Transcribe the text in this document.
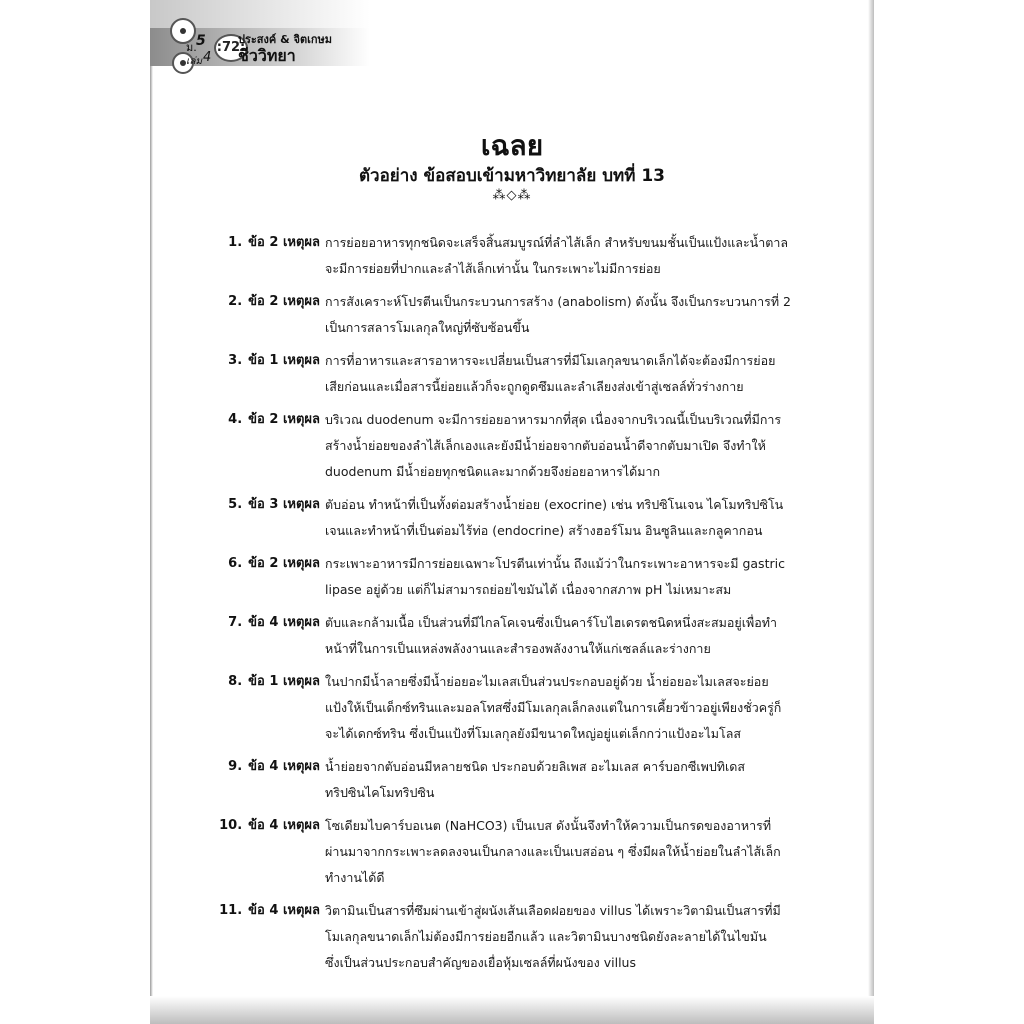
ม. 5
เล่ม 4
:72:
ประสงค์ & จิตเกษม
ชีววิทยา
เฉลย
ตัวอย่าง ข้อสอบเข้ามหาวิทยาลัย บทที่ 13
⁂◇⁂
1. ข้อ 2 เหตุผล การย่อยอาหารทุกชนิดจะเสร็จสิ้นสมบูรณ์ที่ลำไส้เล็ก สำหรับขนมชั้นเป็นแป้งและน้ำตาล
จะมีการย่อยที่ปากและลำไส้เล็กเท่านั้น ในกระเพาะไม่มีการย่อย
2. ข้อ 2 เหตุผล การสังเคราะห์โปรตีนเป็นกระบวนการสร้าง (anabolism) ดังนั้น จึงเป็นกระบวนการที่ 2
เป็นการสลารโมเลกุลใหญ่ที่ซับซ้อนขึ้น
3. ข้อ 1 เหตุผล การที่อาหารและสารอาหารจะเปลี่ยนเป็นสารที่มีโมเลกุลขนาดเล็กได้จะต้องมีการย่อย
เสียก่อนและเมื่อสารนี้ย่อยแล้วก็จะถูกดูดซึมและลำเลียงส่งเข้าสู่เซลล์ทั่วร่างกาย
4. ข้อ 2 เหตุผล บริเวณ duodenum จะมีการย่อยอาหารมากที่สุด เนื่องจากบริเวณนี้เป็นบริเวณที่มีการ
สร้างน้ำย่อยของลำไส้เล็กเองและยังมีน้ำย่อยจากตับอ่อนน้ำดีจากตับมาเปิด จึงทำให้
duodenum มีน้ำย่อยทุกชนิดและมากด้วยจึงย่อยอาหารได้มาก
5. ข้อ 3 เหตุผล ตับอ่อน ทำหน้าที่เป็นทั้งต่อมสร้างน้ำย่อย (exocrine) เช่น ทริปซิโนเจน ไคโมทริปซิโน
เจนและทำหน้าที่เป็นต่อมไร้ท่อ (endocrine) สร้างฮอร์โมน อินซูลินและกลูคากอน
6. ข้อ 2 เหตุผล กระเพาะอาหารมีการย่อยเฉพาะโปรตีนเท่านั้น ถึงแม้ว่าในกระเพาะอาหารจะมี gastric
lipase อยู่ด้วย แต่ก็ไม่สามารถย่อยไขมันได้ เนื่องจากสภาพ pH ไม่เหมาะสม
7. ข้อ 4 เหตุผล ตับและกล้ามเนื้อ เป็นส่วนที่มีไกลโคเจนซึ่งเป็นคาร์โบไฮเดรตชนิดหนึ่งสะสมอยู่เพื่อทำ
หน้าที่ในการเป็นแหล่งพลังงานและสำรองพลังงานให้แก่เซลล์และร่างกาย
8. ข้อ 1 เหตุผล ในปากมีน้ำลายซึ่งมีน้ำย่อยอะไมเลสเป็นส่วนประกอบอยู่ด้วย น้ำย่อยอะไมเลสจะย่อย
แป้งให้เป็นเด็กซ์ทรินและมอลโทสซึ่งมีโมเลกุลเล็กลงแต่ในการเคี้ยวข้าวอยู่เพียงชั่วครู่ก็
จะได้เดกซ์ทริน ซึ่งเป็นแป้งที่โมเลกุลยังมีขนาดใหญ่อยู่แต่เล็กกว่าแป้งอะไมโลส
9. ข้อ 4 เหตุผล น้ำย่อยจากตับอ่อนมีหลายชนิด ประกอบด้วยลิเพส อะไมเลส คาร์บอกซีเพปทิเดส
ทริปซินไคโมทริปซิน
10. ข้อ 4 เหตุผล โซเดียมไบคาร์บอเนต (NaHCO3) เป็นเบส ดังนั้นจึงทำให้ความเป็นกรดของอาหารที่
ผ่านมาจากกระเพาะลดลงจนเป็นกลางและเป็นเบสอ่อน ๆ ซึ่งมีผลให้น้ำย่อยในลำไส้เล็ก
ทำงานได้ดี
11. ข้อ 4 เหตุผล วิตามินเป็นสารที่ซึมผ่านเข้าสู่ผนังเส้นเลือดฝอยของ villus ได้เพราะวิตามินเป็นสารที่มี
โมเลกุลขนาดเล็กไม่ต้องมีการย่อยอีกแล้ว และวิตามินบางชนิดยังละลายได้ในไขมัน
ซึ่งเป็นส่วนประกอบสำคัญของเยื่อหุ้มเซลล์ที่ผนังของ villus
